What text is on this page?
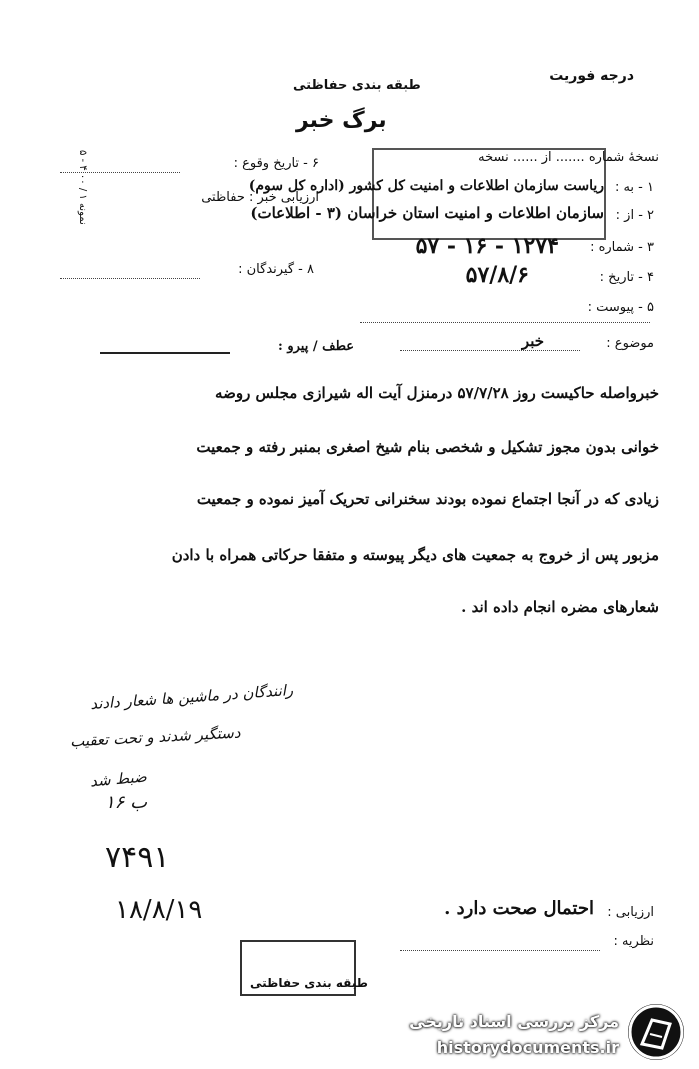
نمونه ۱ / ۰۰ ۴ - ۵
درجه فوریت
طبقه بندی حفاظتی
برگ خبر
نسخهٔ شماره ....... از ...... نسخه
۱ - به :
ریاست سازمان اطلاعات و امنیت کل کشور (اداره کل سوم)
۲ - از :
سازمان اطلاعات و امنیت استان خراسان (۳ - اطلاعات)
۳ - شماره :
۵۷ - ۱۶ - ۱۲۷۴
۴ - تاریخ :
۵۷/۸/۶
۵ - پیوست :
۶ - تاریخ وقوع :
ارزیابی خبر : حفاظتی
۸ - گیرندگان :
موضوع :
خبر
عطف / پیرو :
خبرواصله حاکیست روز ۵۷/۷/۲۸ درمنزل آیت اله شیرازی مجلس روضه
خوانی بدون مجوز تشکیل و شخصی بنام شیخ اصغری بمنبر رفته و جمعیت
زیادی که در آنجا اجتماع نموده بودند سخنرانی تحریک آمیز نموده و جمعیت
مزبور پس از خروج به جمعیت های دیگر پیوسته و متفقا حرکاتی همراه با دادن
شعارهای مضره انجام داده اند .
رانندگان در ماشین ها شعار دادند
دستگیر شدند و تحت تعقیب
ضبط شد
ب ۱۶
۷۴۹۱
۱۸/۸/۱۹	ارزیابی :
احتمال صحت دارد .
نظریه :
طبقه بندی حفاظتی
مرکز بررسی اسناد تاریخی
historydocuments.ir
